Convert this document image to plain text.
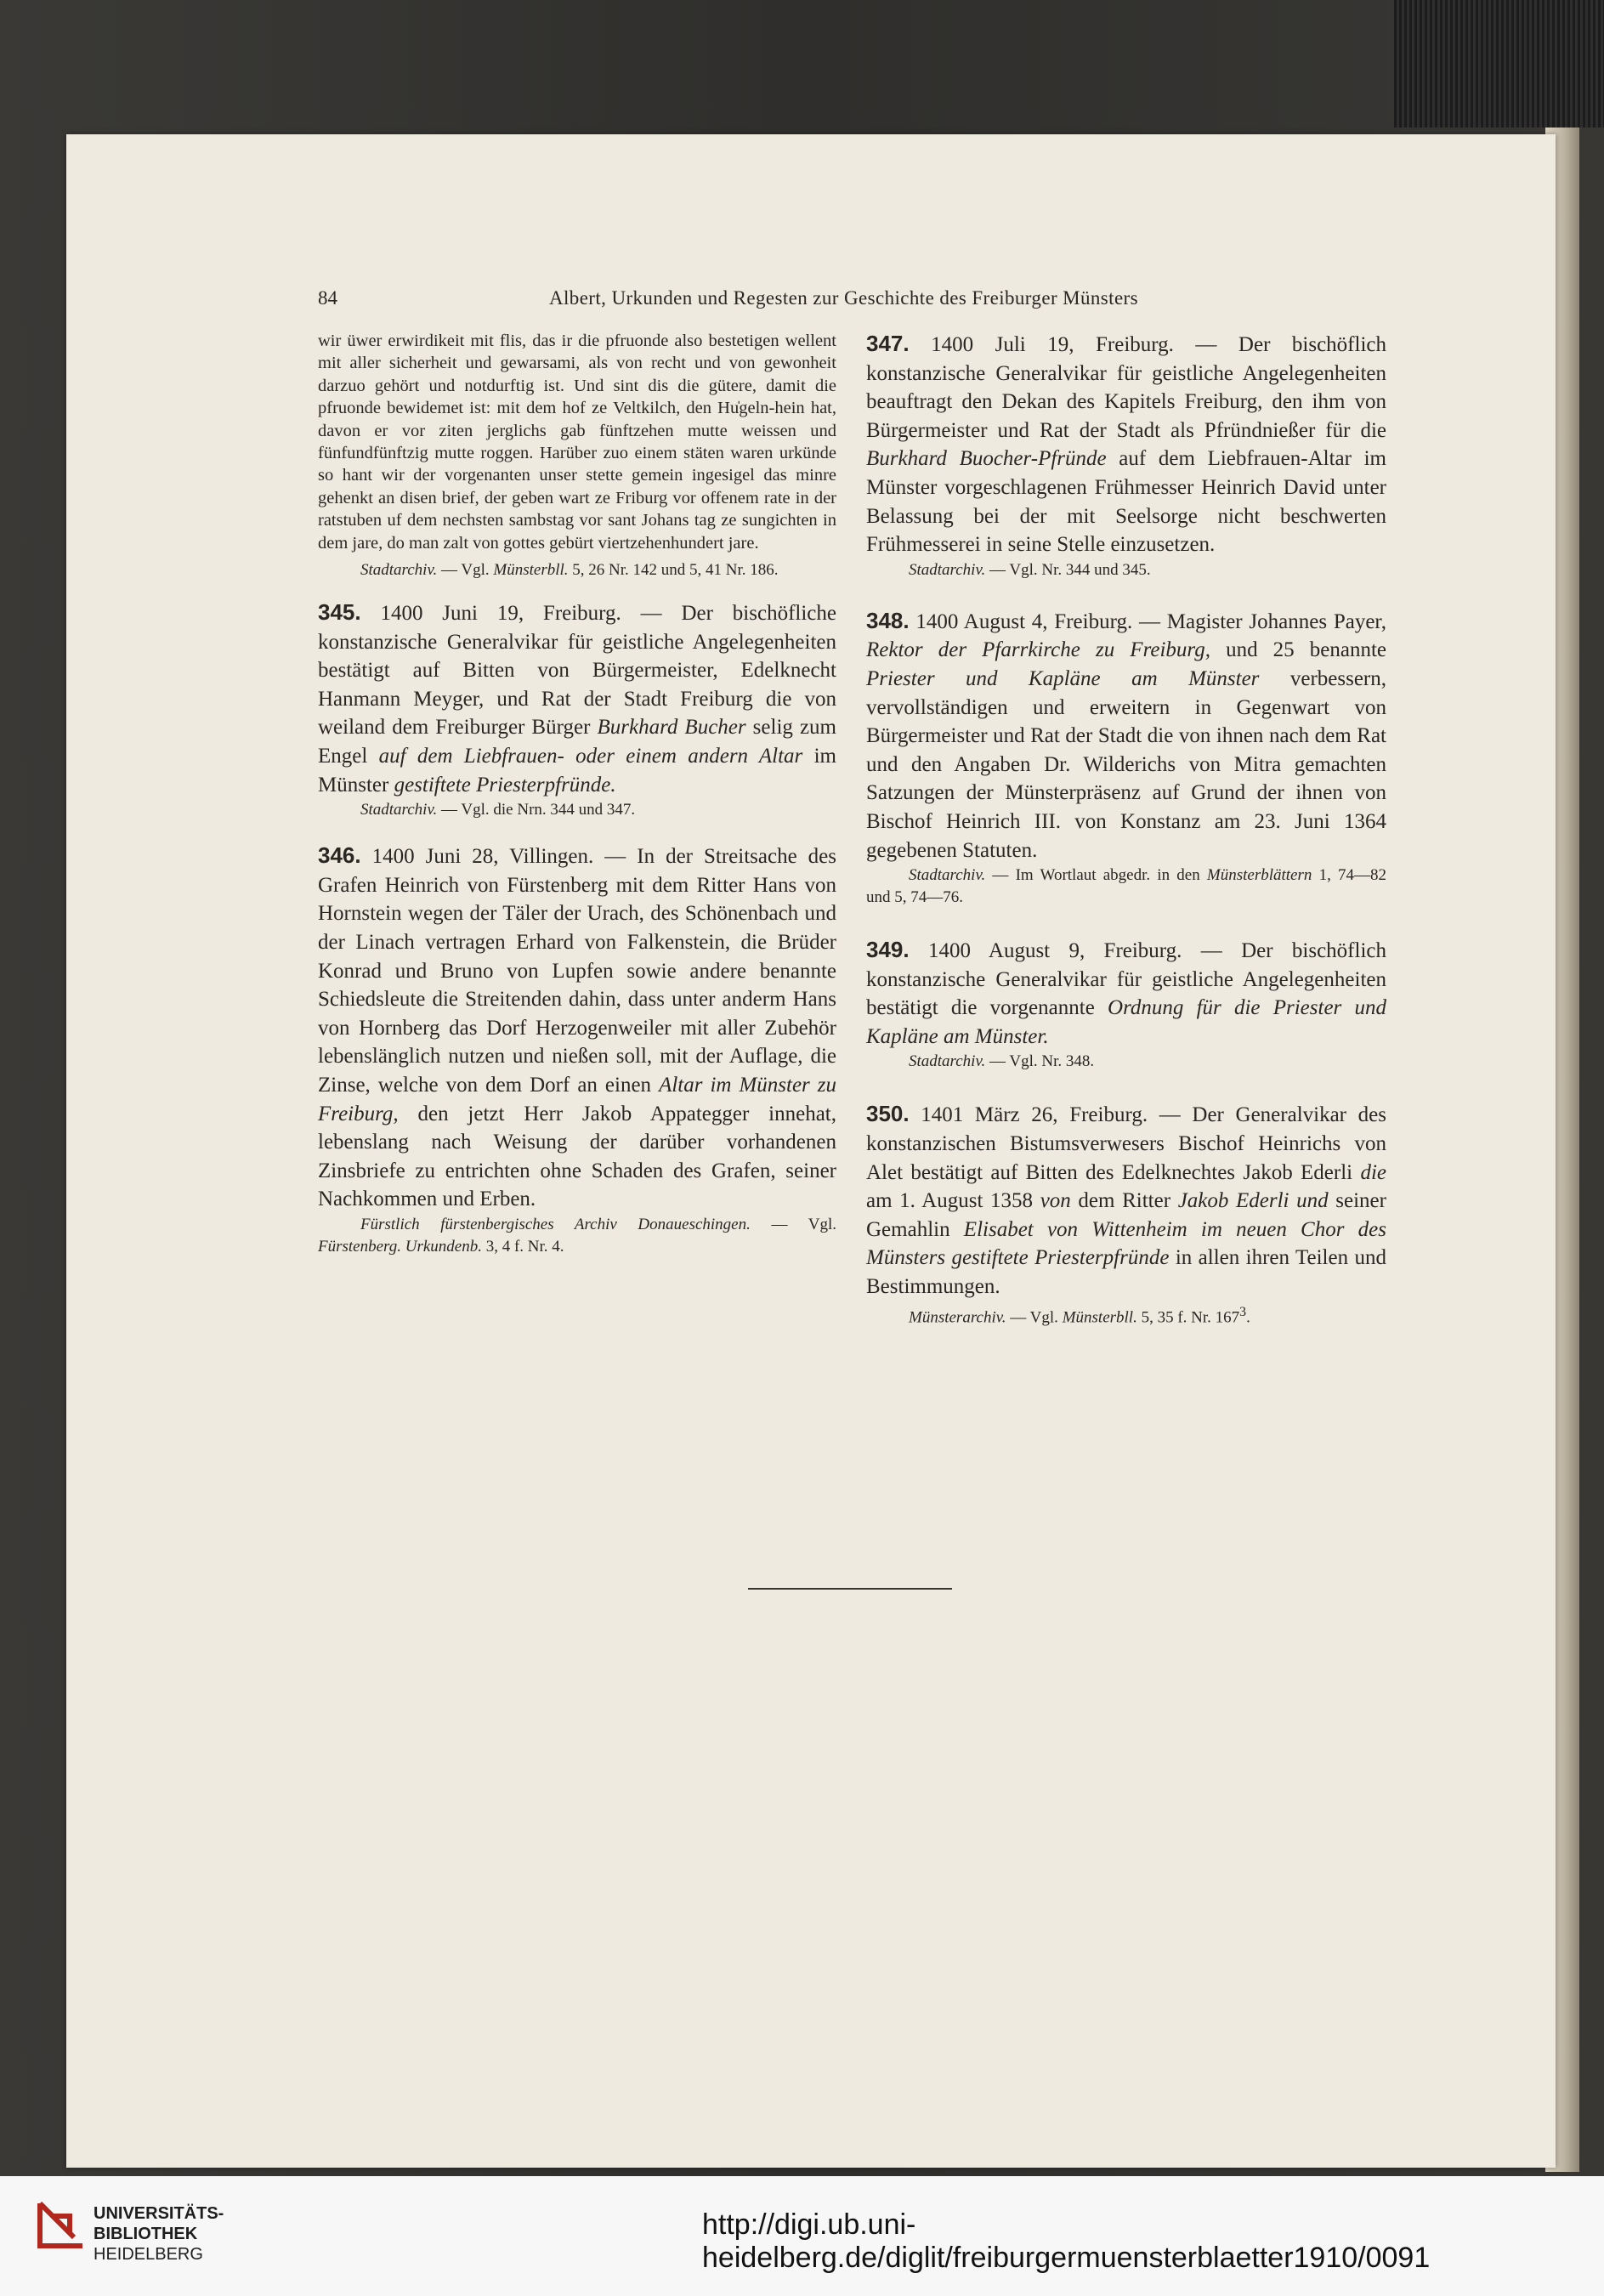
84	Albert, Urkunden und Regesten zur Geschichte des Freiburger Münsters

wir üwer erwirdikeit mit flis, das ir die pfruonde also bestetigen wellent mit aller sicherheit und gewarsami, als von recht und von gewonheit darzuo gehört und notdurftig ist. Und sint dis die gütere, damit die pfruonde bewidemet ist: mit dem hof ze Veltkilch, den Hu̍geln-hein hat, davon er vor ziten jerglichs gab fünftzehen mutte weissen und fünfundfünftzig mutte roggen. Harüber zuo einem stäten waren urkünde so hant wir der vorgenanten unser stette gemein ingesigel das minre gehenkt an disen brief, der geben wart ze Friburg vor offenem rate in der ratstuben uf dem nechsten sambstag vor sant Johans tag ze sungichten in dem jare, do man zalt von gottes gebürt viertzehenhundert jare.

Stadtarchiv. — Vgl. Münsterbll. 5, 26 Nr. 142 und 5, 41 Nr. 186.

345. 1400 Juni 19, Freiburg. — Der bischöfliche konstanzische Generalvikar für geistliche Angelegenheiten bestätigt auf Bitten von Bürgermeister, Edelknecht Hanmann Meyger, und Rat der Stadt Freiburg die von weiland dem Freiburger Bürger Burkhard Bucher selig zum Engel auf dem Liebfrauen- oder einem andern Altar im Münster gestiftete Priesterpfründe.

Stadtarchiv. — Vgl. die Nrn. 344 und 347.

346. 1400 Juni 28, Villingen. — In der Streitsache des Grafen Heinrich von Fürstenberg mit dem Ritter Hans von Hornstein wegen der Täler der Urach, des Schönenbach und der Linach vertragen Erhard von Falkenstein, die Brüder Konrad und Bruno von Lupfen sowie andere benannte Schiedsleute die Streitenden dahin, dass unter anderm Hans von Hornberg das Dorf Herzogenweiler mit aller Zubehör lebenslänglich nutzen und nießen soll, mit der Auflage, die Zinse, welche von dem Dorf an einen Altar im Münster zu Freiburg, den jetzt Herr Jakob Appategger innehat, lebenslang nach Weisung der darüber vorhandenen Zinsbriefe zu entrichten ohne Schaden des Grafen, seiner Nachkommen und Erben.

Fürstlich fürstenbergisches Archiv Donaueschingen. — Vgl. Fürstenberg. Urkundenb. 3, 4 f. Nr. 4.

347. 1400 Juli 19, Freiburg. — Der bischöflich konstanzische Generalvikar für geistliche Angelegenheiten beauftragt den Dekan des Kapitels Freiburg, den ihm von Bürgermeister und Rat der Stadt als Pfründnießer für die Burkhard Buocher-Pfründe auf dem Liebfrauen-Altar im Münster vorgeschlagenen Frühmesser Heinrich David unter Belassung bei der mit Seelsorge nicht beschwerten Frühmesserei in seine Stelle einzusetzen.

Stadtarchiv. — Vgl. Nr. 344 und 345.

348. 1400 August 4, Freiburg. — Magister Johannes Payer, Rektor der Pfarrkirche zu Freiburg, und 25 benannte Priester und Kapläne am Münster verbessern, vervollständigen und erweitern in Gegenwart von Bürgermeister und Rat der Stadt die von ihnen nach dem Rat und den Angaben Dr. Wilderichs von Mitra gemachten Satzungen der Münsterpräsenz auf Grund der ihnen von Bischof Heinrich III. von Konstanz am 23. Juni 1364 gegebenen Statuten.

Stadtarchiv. — Im Wortlaut abgedr. in den Münsterblättern 1, 74—82 und 5, 74—76.

349. 1400 August 9, Freiburg. — Der bischöflich konstanzische Generalvikar für geistliche Angelegenheiten bestätigt die vorgenannte Ordnung für die Priester und Kapläne am Münster.

Stadtarchiv. — Vgl. Nr. 348.

350. 1401 März 26, Freiburg. — Der Generalvikar des konstanzischen Bistumsverwesers Bischof Heinrichs von Alet bestätigt auf Bitten des Edelknechtes Jakob Ederli die am 1. August 1358 von dem Ritter Jakob Ederli und seiner Gemahlin Elisabet von Wittenheim im neuen Chor des Münsters gestiftete Priesterpfründe in allen ihren Teilen und Bestimmungen.

Münsterarchiv. — Vgl. Münsterbll. 5, 35 f. Nr. $167^3$.

UNIVERSITÄTS-
BIBLIOTHEK
HEIDELBERG
http://digi.ub.uni-heidelberg.de/diglit/freiburgermuensterblaetter1910/0091
